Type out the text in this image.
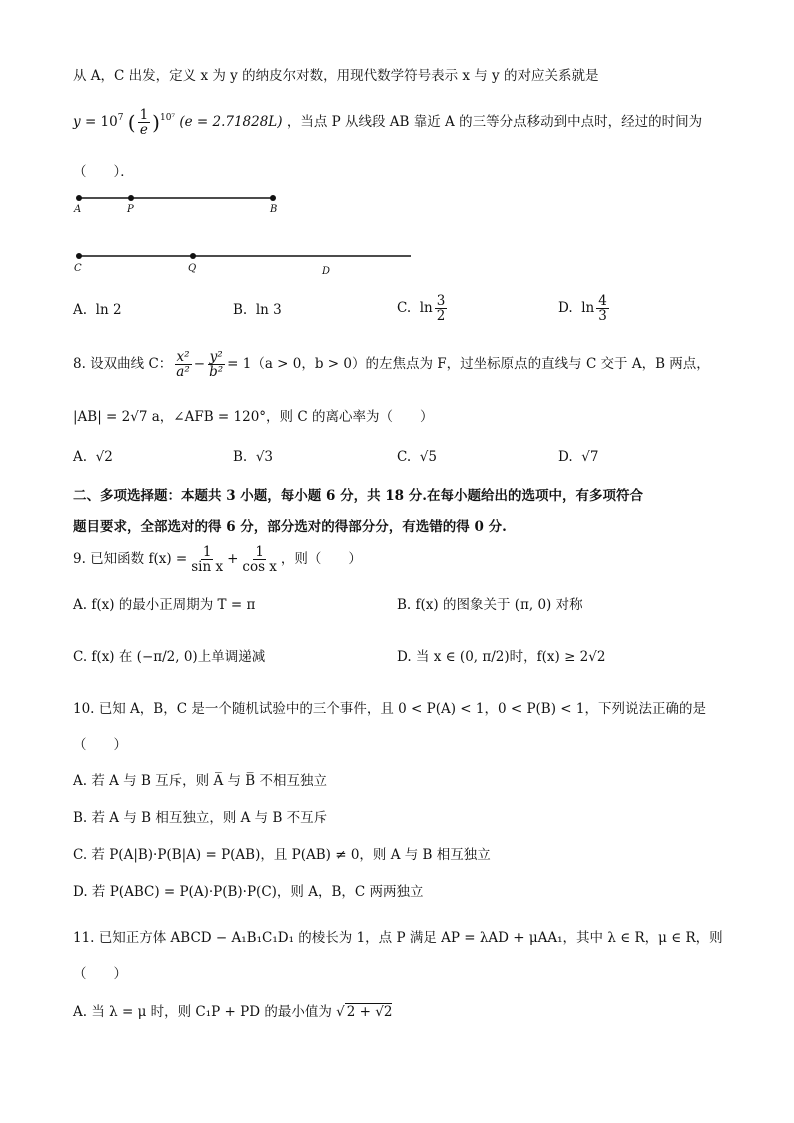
从 A，C 出发，定义 x 为 y 的纳皮尔对数，用现代数学符号表示 x 与 y 的对应关系就是
$y = 10^7$ ( $\frac{1}{e} )^{10^7}$ (e = 2.71828L) ，当点 P 从线段 AB 靠近 A 的三等分点移动到中点时，经过的时间为
（　　）．
A	P	B
C	Q	D
A. ln 2	B. ln 3	C. $\ln \frac{3}{2}$	D. $\ln \frac{4}{3}$
8. 设双曲线 C： $\frac{\text{x²}}{\text{a²}} - \frac{\text{y²}}{\text{b²}} = 1(a > 0$，b > 0）的左焦点为 F，过坐标原点的直线与 C 交于 A，B 两点，
|AB| = 2√7 a，∠AFB = 120°，则 C 的离心率为（　　）
A. √2	B. √3	C. √5	D. √7
二、多项选择题：本题共 3 小题，每小题 6 分，共 18 分.在每小题给出的选项中，有多项符合
题目要求，全部选对的得 6 分，部分选对的得部分分，有选错的得 0 分.
9. 已知函数 $f(x) = \frac{1}{\text{sin x}} + \frac{1}{\text{cos x}}$ ，则（　　）
A. f(x) 的最小正周期为 T = π	B. f(x) 的图象关于 (π, 0) 对称
C. f(x) 在 (−π/2, 0)上单调递减	D. 当 x ∈ (0, π/2)时，f(x) ≥ 2√2
10. 已知 A，B，C 是一个随机试验中的三个事件，且 0 < P(A) < 1，0 < P(B) < 1，下列说法正确的是
（　　）
A. 若 A 与 B 互斥，则 A̅ 与 B̅ 不相互独立
B. 若 A 与 B 相互独立，则 A 与 B 不互斥
C. 若 P(A|B)·P(B|A) = P(AB)，且 P(AB) ≠ 0，则 A 与 B 相互独立
D. 若 P(ABC) = P(A)·P(B)·P(C)，则 A，B，C 两两独立
11. 已知正方体 ABCD − A₁B₁C₁D₁ 的棱长为 1，点 P 满足 AP = λAD + μAA₁，其中 λ ∈ R，μ ∈ R，则
（　　）
A. 当 λ = μ 时，则 C₁P + PD 的最小值为 √ 2 + √2
